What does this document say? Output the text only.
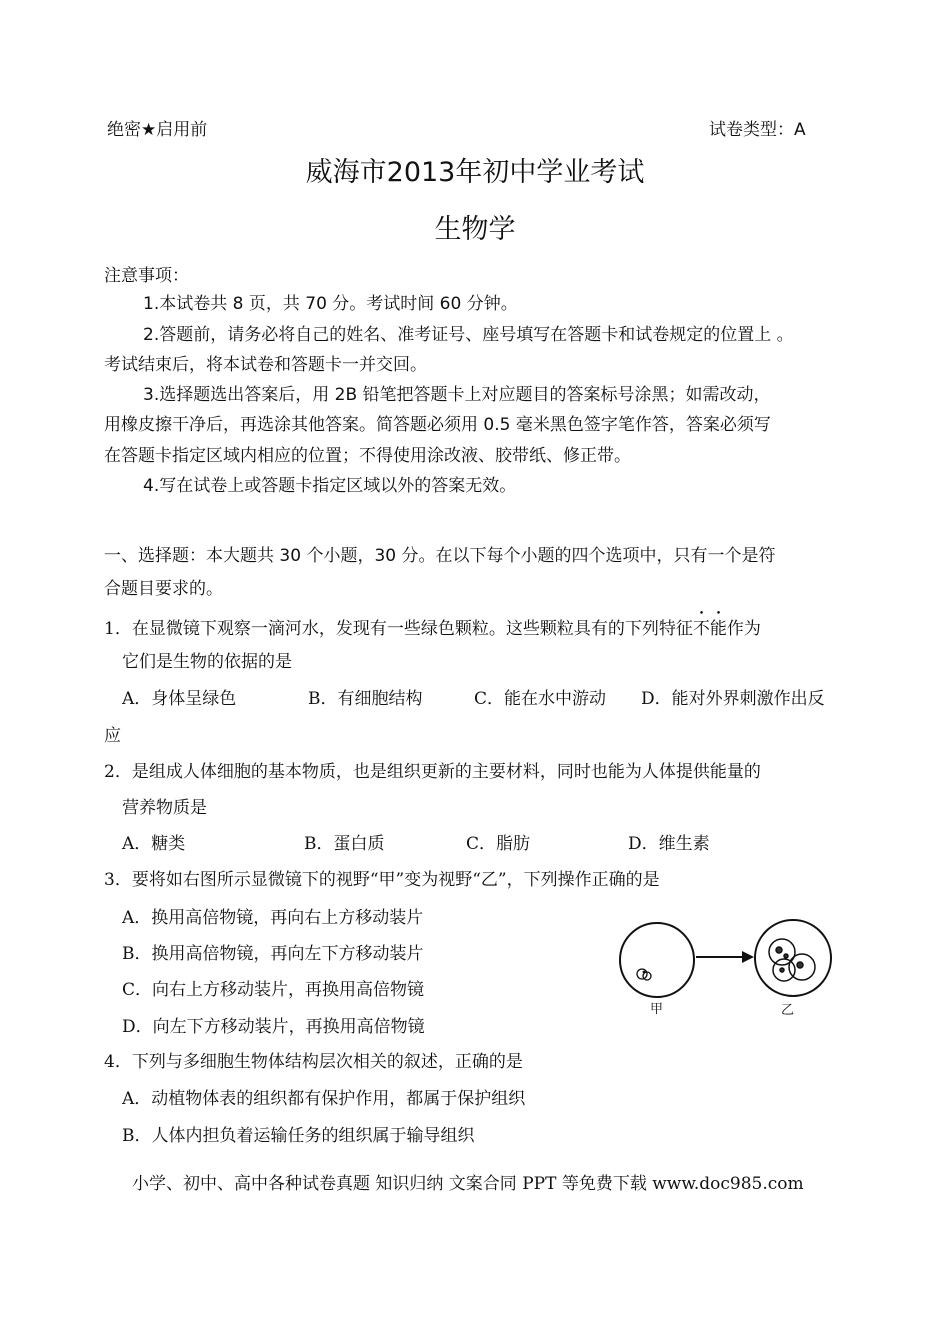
绝密★启用前	试卷类型：A
威海市2013年初中学业考试
生物学
注意事项：
1.本试卷共 8 页，共 70 分。考试时间 60 分钟。
2.答题前，请务必将自己的姓名、准考证号、座号填写在答题卡和试卷规定的位置上 。
考试结束后，将本试卷和答题卡一并交回。
3.选择题选出答案后，用 2B 铅笔把答题卡上对应题目的答案标号涂黑；如需改动，
用橡皮擦干净后，再选涂其他答案。简答题必须用 0.5 毫米黑色签字笔作答，答案必须写
在答题卡指定区域内相应的位置；不得使用涂改液、胶带纸、修正带。
4.写在试卷上或答题卡指定区域以外的答案无效。
一、选择题：本大题共 30 个小题，30 分。在以下每个小题的四个选项中，只有一个是符
合题目要求的。
1．在显微镜下观察一滴河水，发现有一些绿色颗粒。这些颗粒具有的下列特征不能作为
它们是生物的依据的是
A．身体呈绿色	B．有细胞结构	C．能在水中游动 D．能对外界刺激作出反
应
2．是组成人体细胞的基本物质，也是组织更新的主要材料，同时也能为人体提供能量的
营养物质是
A．糖类	B．蛋白质	C．脂肪	D．维生素
3．要将如右图所示显微镜下的视野“甲”变为视野“乙”，下列操作正确的是
A．换用高倍物镜，再向右上方移动装片
B．换用高倍物镜，再向左下方移动装片
C．向右上方移动装片，再换用高倍物镜
D．向左下方移动装片，再换用高倍物镜
甲	乙
4．下列与多细胞生物体结构层次相关的叙述，正确的是
A．动植物体表的组织都有保护作用，都属于保护组织
B．人体内担负着运输任务的组织属于输导组织
小学、初中、高中各种试卷真题 知识归纳 文案合同 PPT 等免费下载 www.doc985.com
